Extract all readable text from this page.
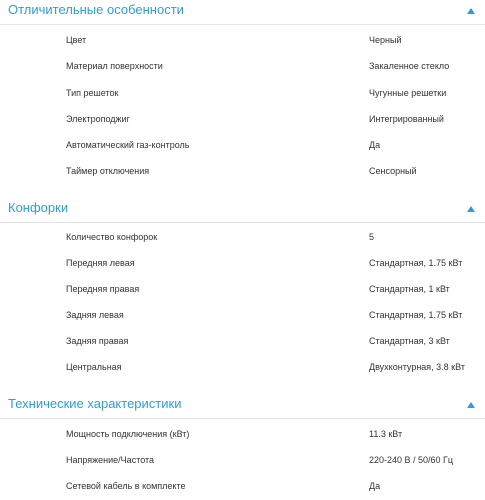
Отличительные особенности
Цвет	Черный
Материал поверхности	Закаленное стекло
Тип решеток	Чугунные решетки
Электроподжиг	Интегрированный
Автоматический газ-контроль	Да
Таймер отключения	Сенсорный
Конфорки
Количество конфорок	5
Передняя левая	Стандартная, 1.75 кВт
Передняя правая	Стандартная, 1 кВт
Задняя левая	Стандартная, 1.75 кВт
Задняя правая	Стандартная, 3 кВт
Центральная	Двухконтурная, 3.8 кВт
Технические характеристики
Мощность подключения (кВт)	11.3 кВт
Напряжение/Частота	220-240 В / 50/60 Гц
Сетевой кабель в комплекте	Да
